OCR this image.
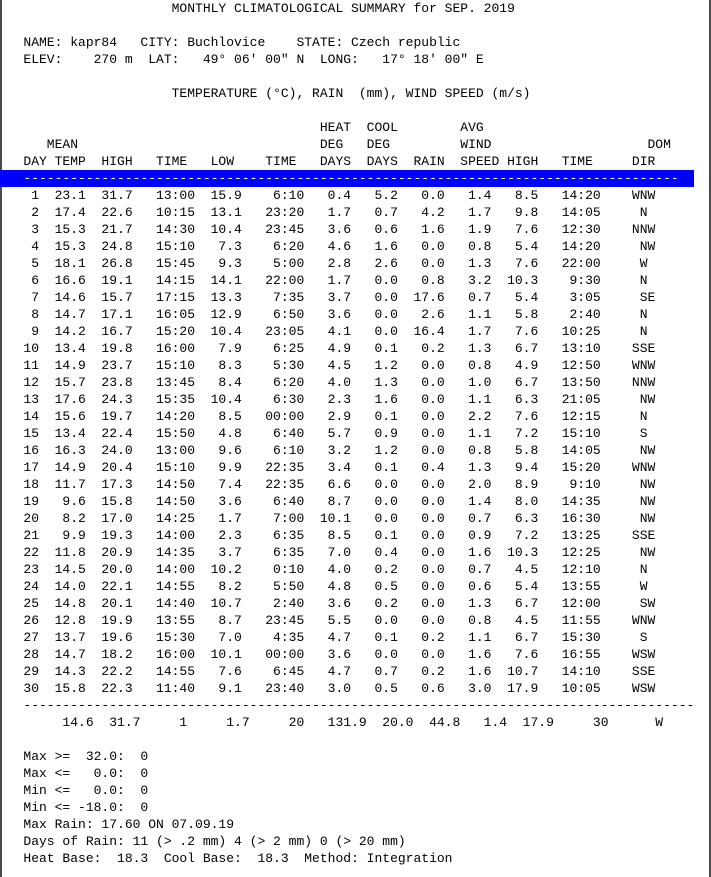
MONTHLY CLIMATOLOGICAL SUMMARY for SEP. 2019
NAME: kapr84   CITY: Buchlovice    STATE: Czech republic
ELEV:    270 m  LAT:   49° 06' 00" N  LONG:   17° 18' 00" E
TEMPERATURE (°C), RAIN  (mm), WIND SPEED (m/s)
HEAT  COOL        AVG
MEAN                               DEG   DEG         WIND                    DOM
DAY TEMP  HIGH   TIME   LOW    TIME   DAYS  DAYS  RAIN  SPEED HIGH   TIME     DIR
------------------------------------------------------------------------------------
1  23.1  31.7   13:00  15.9    6:10   0.4   5.2   0.0   1.4   8.5   14:20    WNW
2  17.4  22.6   10:15  13.1   23:20   1.7   0.7   4.2   1.7   9.8   14:05     N
3  15.3  21.7   14:30  10.4   23:45   3.6   0.6   1.6   1.9   7.6   12:30    NNW
4  15.3  24.8   15:10   7.3    6:20   4.6   1.6   0.0   0.8   5.4   14:20     NW
5  18.1  26.8   15:45   9.3    5:00   2.8   2.6   0.0   1.3   7.6   22:00     W
6  16.6  19.1   14:15  14.1   22:00   1.7   0.0   0.8   3.2  10.3    9:30     N
7  14.6  15.7   17:15  13.3    7:35   3.7   0.0  17.6   0.7   5.4    3:05     SE
8  14.7  17.1   16:05  12.9    6:50   3.6   0.0   2.6   1.1   5.8    2:40     N
9  14.2  16.7   15:20  10.4   23:05   4.1   0.0  16.4   1.7   7.6   10:25     N
10  13.4  19.8   16:00   7.9    6:25   4.9   0.1   0.2   1.3   6.7   13:10    SSE
11  14.9  23.7   15:10   8.3    5:30   4.5   1.2   0.0   0.8   4.9   12:50    WNW
12  15.7  23.8   13:45   8.4    6:20   4.0   1.3   0.0   1.0   6.7   13:50    NNW
13  17.6  24.3   15:35  10.4    6:30   2.3   1.6   0.0   1.1   6.3   21:05     NW
14  15.6  19.7   14:20   8.5   00:00   2.9   0.1   0.0   2.2   7.6   12:15     N
15  13.4  22.4   15:50   4.8    6:40   5.7   0.9   0.0   1.1   7.2   15:10     S
16  16.3  24.0   13:00   9.6    6:10   3.2   1.2   0.0   0.8   5.8   14:05     NW
17  14.9  20.4   15:10   9.9   22:35   3.4   0.1   0.4   1.3   9.4   15:20    WNW
18  11.7  17.3   14:50   7.4   22:35   6.6   0.0   0.0   2.0   8.9    9:10     NW
19   9.6  15.8   14:50   3.6    6:40   8.7   0.0   0.0   1.4   8.0   14:35     NW
20   8.2  17.0   14:25   1.7    7:00  10.1   0.0   0.0   0.7   6.3   16:30     NW
21   9.9  19.3   14:00   2.3    6:35   8.5   0.1   0.0   0.9   7.2   13:25    SSE
22  11.8  20.9   14:35   3.7    6:35   7.0   0.4   0.0   1.6  10.3   12:25     NW
23  14.5  20.0   14:00  10.2    0:10   4.0   0.2   0.0   0.7   4.5   12:10     N
24  14.0  22.1   14:55   8.2    5:50   4.8   0.5   0.0   0.6   5.4   13:55     W
25  14.8  20.1   14:40  10.7    2:40   3.6   0.2   0.0   1.3   6.7   12:00     SW
26  12.8  19.9   13:55   8.7   23:45   5.5   0.0   0.0   0.8   4.5   11:55    WNW
27  13.7  19.6   15:30   7.0    4:35   4.7   0.1   0.2   1.1   6.7   15:30     S
28  14.7  18.2   16:00  10.1   00:00   3.6   0.0   0.0   1.6   7.6   16:55    WSW
29  14.3  22.2   14:55   7.6    6:45   4.7   0.7   0.2   1.6  10.7   14:10    SSE
30  15.8  22.3   11:40   9.1   23:40   3.0   0.5   0.6   3.0  17.9   10:05    WSW
--------------------------------------------------------------------------------------
14.6  31.7     1     1.7     20   131.9  20.0  44.8   1.4  17.9     30      W
Max >=  32.0:  0
Max <=   0.0:  0
Min <=   0.0:  0
Min <= -18.0:  0
Max Rain: 17.60 ON 07.09.19
Days of Rain: 11 (> .2 mm) 4 (> 2 mm) 0 (> 20 mm)
Heat Base:  18.3  Cool Base:  18.3  Method: Integration
